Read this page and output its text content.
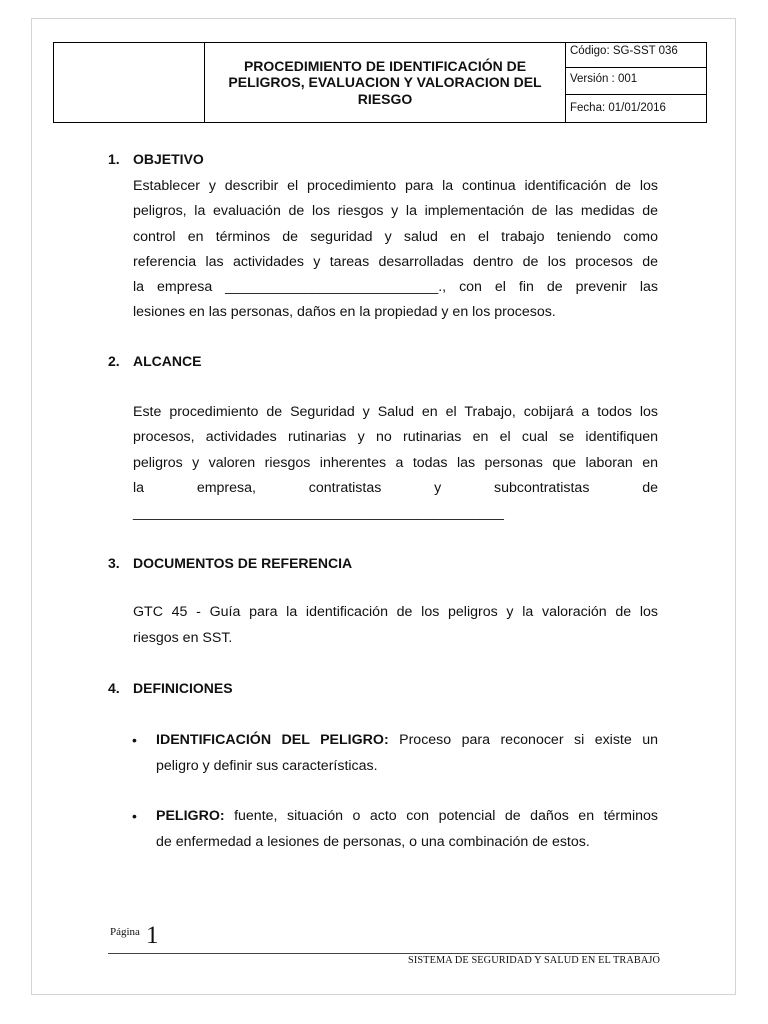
PROCEDIMIENTO DE IDENTIFICACIÓN DE PELIGROS, EVALUACION Y VALORACION DEL RIESGO
Código: SG-SST 036
Versión : 001
Fecha: 01/01/2016
1. OBJETIVO
Establecer y describir el procedimiento para la continua identificación de los
peligros, la evaluación de los riesgos y la implementación de las medidas de
control en términos de seguridad y salud en el trabajo teniendo como
referencia las actividades y tareas desarrolladas dentro de los procesos de
la empresa ___________________________., con el fin de prevenir las
lesiones en las personas, daños en la propiedad y en los procesos.
2. ALCANCE
Este procedimiento de Seguridad y Salud en el Trabajo, cobijará a todos los
procesos, actividades rutinarias y no rutinarias en el cual se identifiquen
peligros y valoren riesgos inherentes a todas las personas que laboran en
la empresa, contratistas y subcontratistas de
_______________________________________________
3. DOCUMENTOS DE REFERENCIA
GTC 45 - Guía para la identificación de los peligros y la valoración de los
riesgos en SST.
4. DEFINICIONES
• IDENTIFICACIÓN DEL PELIGRO: Proceso para reconocer si existe un
peligro y definir sus características.
• PELIGRO: fuente, situación o acto con potencial de daños en términos
de enfermedad a lesiones de personas, o una combinación de estos.
Página 1
SISTEMA DE SEGURIDAD Y SALUD EN EL TRABAJO
